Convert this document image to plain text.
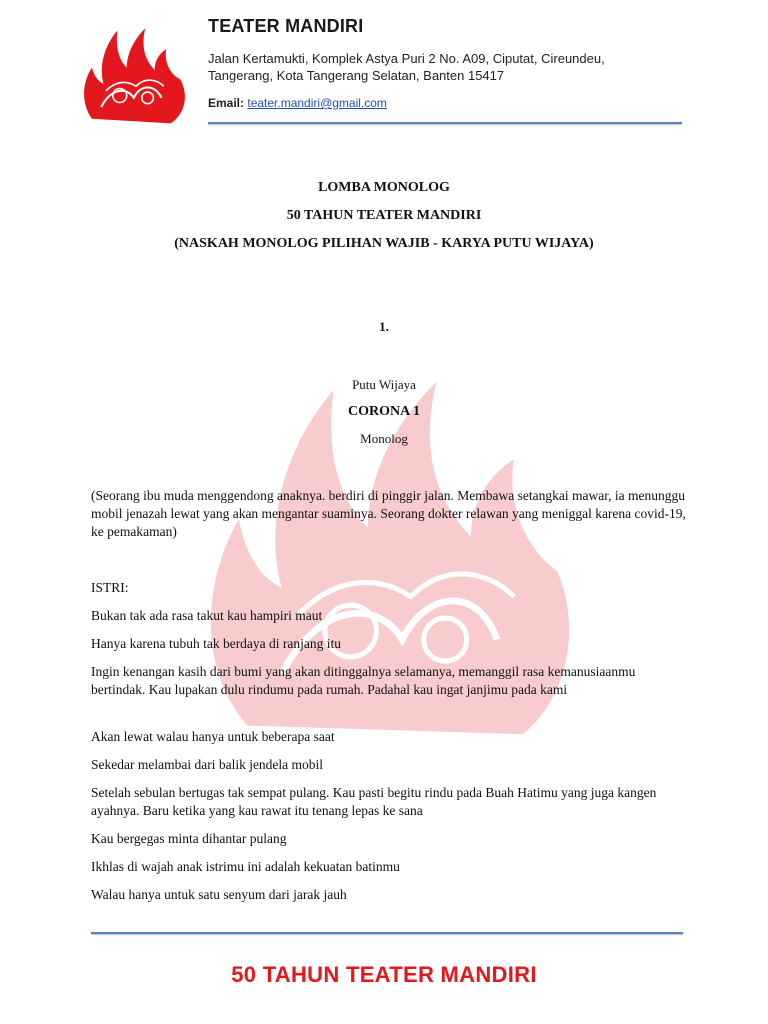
TEATER MANDIRI
Jalan Kertamukti, Komplek Astya Puri 2 No. A09, Ciputat, Cireundeu,
Tangerang, Kota Tangerang Selatan, Banten 15417
Email: teater.mandiri@gmail.com
LOMBA MONOLOG
50 TAHUN TEATER MANDIRI
(NASKAH MONOLOG PILIHAN WAJIB - KARYA PUTU WIJAYA)
1.
Putu Wijaya
CORONA 1
Monolog
(Seorang ibu muda menggendong anaknya. berdiri di pinggir jalan. Membawa setangkai mawar, ia menunggu mobil jenazah lewat yang akan mengantar suaminya. Seorang dokter relawan yang meniggal karena covid-19, ke pemakaman)
ISTRI:
Bukan tak ada rasa takut kau hampiri maut
Hanya karena tubuh tak berdaya di ranjang itu
Ingin kenangan kasih dari bumi yang akan ditinggalnya selamanya, memanggil rasa kemanusiaanmu bertindak. Kau lupakan dulu rindumu pada rumah. Padahal kau ingat janjimu pada kami
Akan lewat walau hanya untuk beberapa saat
Sekedar melambai dari balik jendela mobil
Setelah sebulan bertugas tak sempat pulang. Kau pasti begitu rindu pada Buah Hatimu yang juga kangen ayahnya. Baru ketika yang kau rawat itu tenang lepas ke sana
Kau bergegas minta dihantar pulang
Ikhlas di wajah anak istrimu ini adalah kekuatan batinmu
Walau hanya untuk satu senyum dari jarak jauh
50 TAHUN TEATER MANDIRI
